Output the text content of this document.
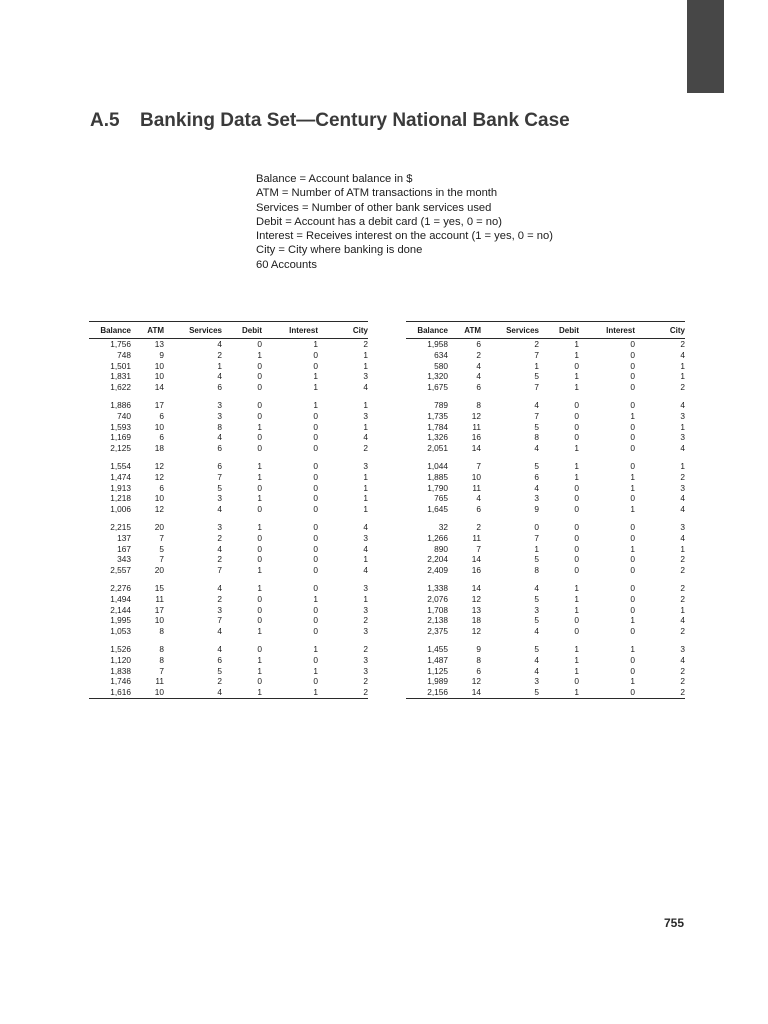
A.5 Banking Data Set—Century National Bank Case
Balance = Account balance in $
ATM = Number of ATM transactions in the month
Services = Number of other bank services used
Debit = Account has a debit card (1 = yes, 0 = no)
Interest = Receives interest on the account (1 = yes, 0 = no)
City = City where banking is done
60 Accounts
Balance	ATM	Services	Debit	Interest	City
1,756	13	4	0	1	2
748	9	2	1	0	1
1,501	10	1	0	0	1
1,831	10	4	0	1	3
1,622	14	6	0	1	4
1,886	17	3	0	1	1
740	6	3	0	0	3
1,593	10	8	1	0	1
1,169	6	4	0	0	4
2,125	18	6	0	0	2
1,554	12	6	1	0	3
1,474	12	7	1	0	1
1,913	6	5	0	0	1
1,218	10	3	1	0	1
1,006	12	4	0	0	1
2,215	20	3	1	0	4
137	7	2	0	0	3
167	5	4	0	0	4
343	7	2	0	0	1
2,557	20	7	1	0	4
2,276	15	4	1	0	3
1,494	11	2	0	1	1
2,144	17	3	0	0	3
1,995	10	7	0	0	2
1,053	8	4	1	0	3
1,526	8	4	0	1	2
1,120	8	6	1	0	3
1,838	7	5	1	1	3
1,746	11	2	0	0	2
1,616	10	4	1	1	2
Balance	ATM	Services	Debit	Interest	City
1,958	6	2	1	0	2
634	2	7	1	0	4
580	4	1	0	0	1
1,320	4	5	1	0	1
1,675	6	7	1	0	2
789	8	4	0	0	4
1,735	12	7	0	1	3
1,784	11	5	0	0	1
1,326	16	8	0	0	3
2,051	14	4	1	0	4
1,044	7	5	1	0	1
1,885	10	6	1	1	2
1,790	11	4	0	1	3
765	4	3	0	0	4
1,645	6	9	0	1	4
32	2	0	0	0	3
1,266	11	7	0	0	4
890	7	1	0	1	1
2,204	14	5	0	0	2
2,409	16	8	0	0	2
1,338	14	4	1	0	2
2,076	12	5	1	0	2
1,708	13	3	1	0	1
2,138	18	5	0	1	4
2,375	12	4	0	0	2
1,455	9	5	1	1	3
1,487	8	4	1	0	4
1,125	6	4	1	0	2
1,989	12	3	0	1	2
2,156	14	5	1	0	2
755
